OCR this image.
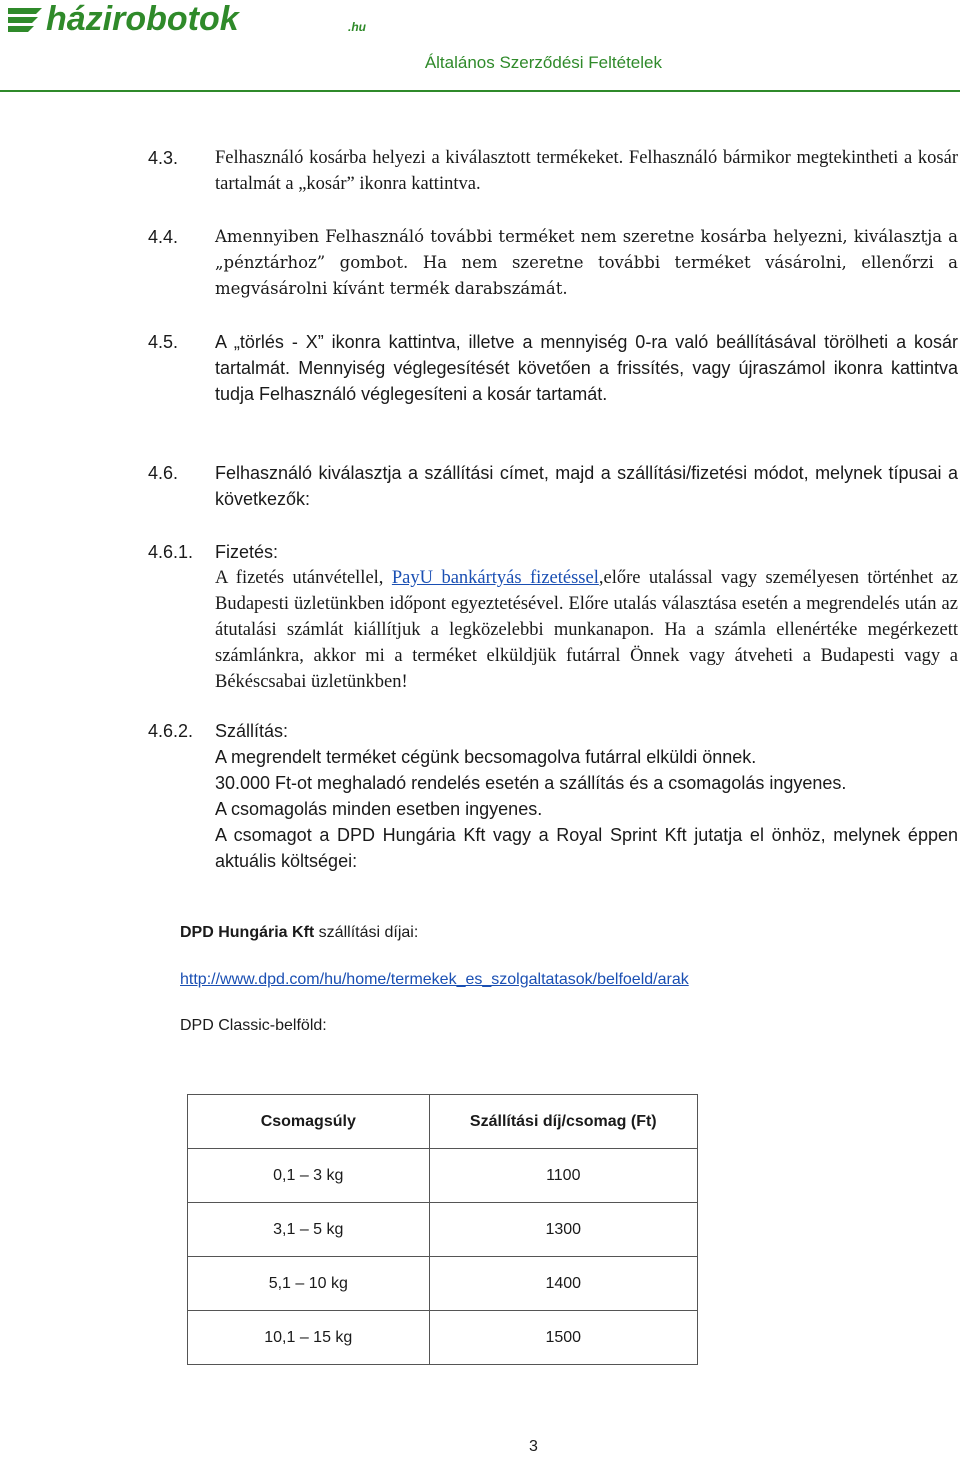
házirobotok	.hu
Általános Szerződési Feltételek
4.3. Felhasználó kosárba helyezi a kiválasztott termékeket. Felhasználó bármikor megtekintheti a kosár tartalmát a „kosár” ikonra kattintva.
4.4. Amennyiben Felhasználó további terméket nem szeretne kosárba helyezni, kiválasztja a „pénztárhoz” gombot. Ha nem szeretne további terméket vásárolni, ellenőrzi a megvásárolni kívánt termék darabszámát.
4.5. A „törlés - X” ikonra kattintva, illetve a mennyiség 0-ra való beállításával törölheti a kosár tartalmát. Mennyiség véglegesítését követően a frissítés, vagy újraszámol ikonra kattintva tudja Felhasználó véglegesíteni a kosár tartamát.
4.6. Felhasználó kiválasztja a szállítási címet, majd a szállítási/fizetési módot, melynek típusai a következők:
4.6.1. Fizetés:
A fizetés utánvétellel, PayU bankártyás fizetéssel,előre utalással vagy személyesen történhet az Budapesti üzletünkben időpont egyeztetésével. Előre utalás választása esetén a megrendelés után az átutalási számlát kiállítjuk a legközelebbi munkanapon. Ha a számla ellenértéke megérkezett számlánkra, akkor mi a terméket elküldjük futárral Önnek vagy átveheti a Budapesti vagy a Békéscsabai üzletünkben!
4.6.2. Szállítás:
A megrendelt terméket cégünk becsomagolva futárral elküldi önnek.
30.000 Ft-ot meghaladó rendelés esetén a szállítás és a csomagolás ingyenes.
A csomagolás minden esetben ingyenes.
A csomagot a DPD Hungária Kft vagy a Royal Sprint Kft jutatja el önhöz, melynek éppen aktuális költségei:
DPD Hungária Kft szállítási díjai:
http://www.dpd.com/hu/home/termekek_es_szolgaltatasok/belfoeld/arak
DPD Classic-belföld:
Csomagsúly	Szállítási díj/csomag (Ft)
0,1 – 3 kg	1100
3,1 – 5 kg	1300
5,1 – 10 kg	1400
10,1 – 15 kg	1500
3
